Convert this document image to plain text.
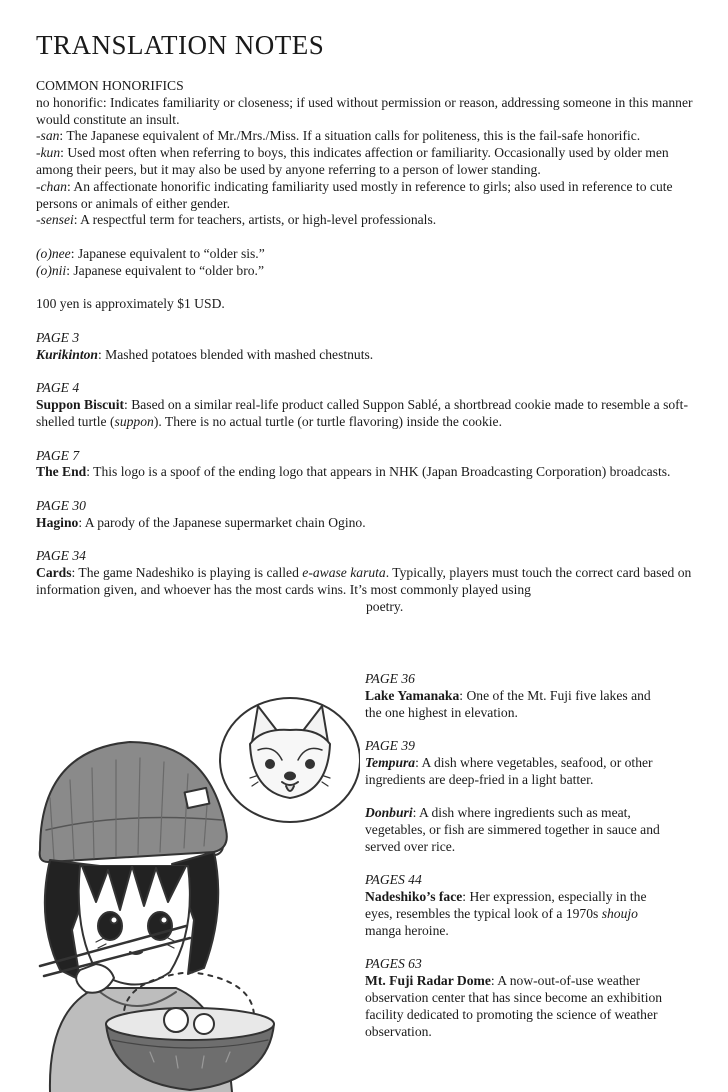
TRANSLATION NOTES

COMMON HONORIFICS

no honorific: Indicates familiarity or closeness; if used without permission or reason, addressing someone in this manner would constitute an insult.

-san: The Japanese equivalent of Mr./Mrs./Miss. If a situation calls for politeness, this is the fail-safe honorific.

-kun: Used most often when referring to boys, this indicates affection or familiarity. Occasionally used by older men among their peers, but it may also be used by anyone referring to a person of lower standing.

-chan: An affectionate honorific indicating familiarity used mostly in reference to girls; also used in reference to cute persons or animals of either gender.

-sensei: A respectful term for teachers, artists, or high-level professionals.

(o)nee: Japanese equivalent to “older sis.”

(o)nii: Japanese equivalent to “older bro.”

100 yen is approximately $1 USD.

PAGE 3

Kurikinton: Mashed potatoes blended with mashed chestnuts.

PAGE 4

Suppon Biscuit: Based on a similar real-life product called Suppon Sablé, a shortbread cookie made to resemble a soft-shelled turtle (suppon). There is no actual turtle (or turtle flavoring) inside the cookie.

PAGE 7

The End: This logo is a spoof of the ending logo that appears in NHK (Japan Broadcasting Corporation) broadcasts.

PAGE 30

Hagino: A parody of the Japanese supermarket chain Ogino.

PAGE 34

Cards: The game Nadeshiko is playing is called e-awase karuta. Typically, players must touch the correct card based on information given, and whoever has the most cards wins. It’s most commonly played using

poetry.

PAGE 36

Lake Yamanaka: One of the Mt. Fuji five lakes and the one highest in elevation.

PAGE 39

Tempura: A dish where vegetables, seafood, or other ingredients are deep-fried in a light batter.

Donburi: A dish where ingredients such as meat, vegetables, or fish are simmered together in sauce and served over rice.

PAGES 44

Nadeshiko’s face: Her expression, especially in the eyes, resembles the typical look of a 1970s shoujo manga heroine.

PAGES 63

Mt. Fuji Radar Dome: A now-out-of-use weather observation center that has since become an exhibition facility dedicated to promoting the science of weather observation.
